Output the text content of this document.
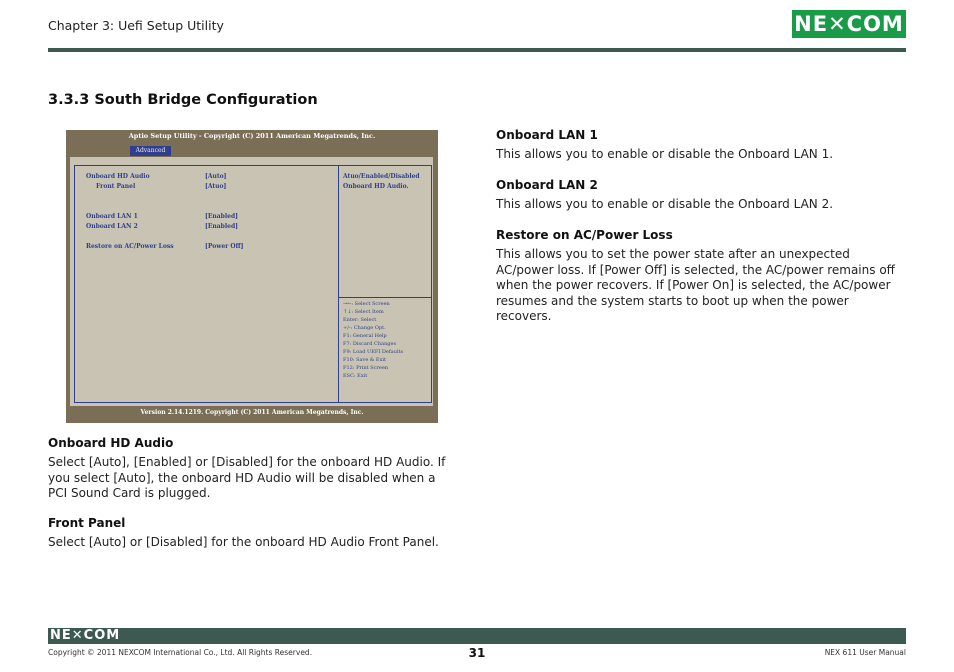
Chapter 3: Uefi Setup Utility	NE✕COM
3.3.3 South Bridge Configuration
Aptio Setup Utility - Copyright (C) 2011 American Megatrends, Inc.
Advanced
Onboard HD Audio	[Auto]
Front Panel	[Atuo]
Onboard LAN 1	[Enabled]
Onboard LAN 2	[Enabled]
Restore on AC/Power Loss	[Power Off]
Atuo/Enabled/Disabled
Onboard HD Audio.
→←: Select Screen
↑↓: Select Item
Enter: Select
+/-: Change Opt.
F1: General Help
F7: Discard Changes
F9: Load UEFI Defaults
F10: Save & Exit
F12: Print Screen
ESC: Exit
Version 2.14.1219. Copyright (C) 2011 American Megatrends, Inc.
Onboard HD Audio
Select [Auto], [Enabled] or [Disabled] for the onboard HD Audio. If you select [Auto], the onboard HD Audio will be disabled when a PCI Sound Card is plugged.
Front Panel
Select [Auto] or [Disabled] for the onboard HD Audio Front Panel.
Onboard LAN 1
This allows you to enable or disable the Onboard LAN 1.
Onboard LAN 2
This allows you to enable or disable the Onboard LAN 2.
Restore on AC/Power Loss
This allows you to set the power state after an unexpected AC/power loss. If [Power Off] is selected, the AC/power remains off when the power recovers. If [Power On] is selected, the AC/power resumes and the system starts to boot up when the power recovers.
NE✕COM
Copyright © 2011 NEXCOM International Co., Ltd. All Rights Reserved.	31	NEX 611 User Manual
